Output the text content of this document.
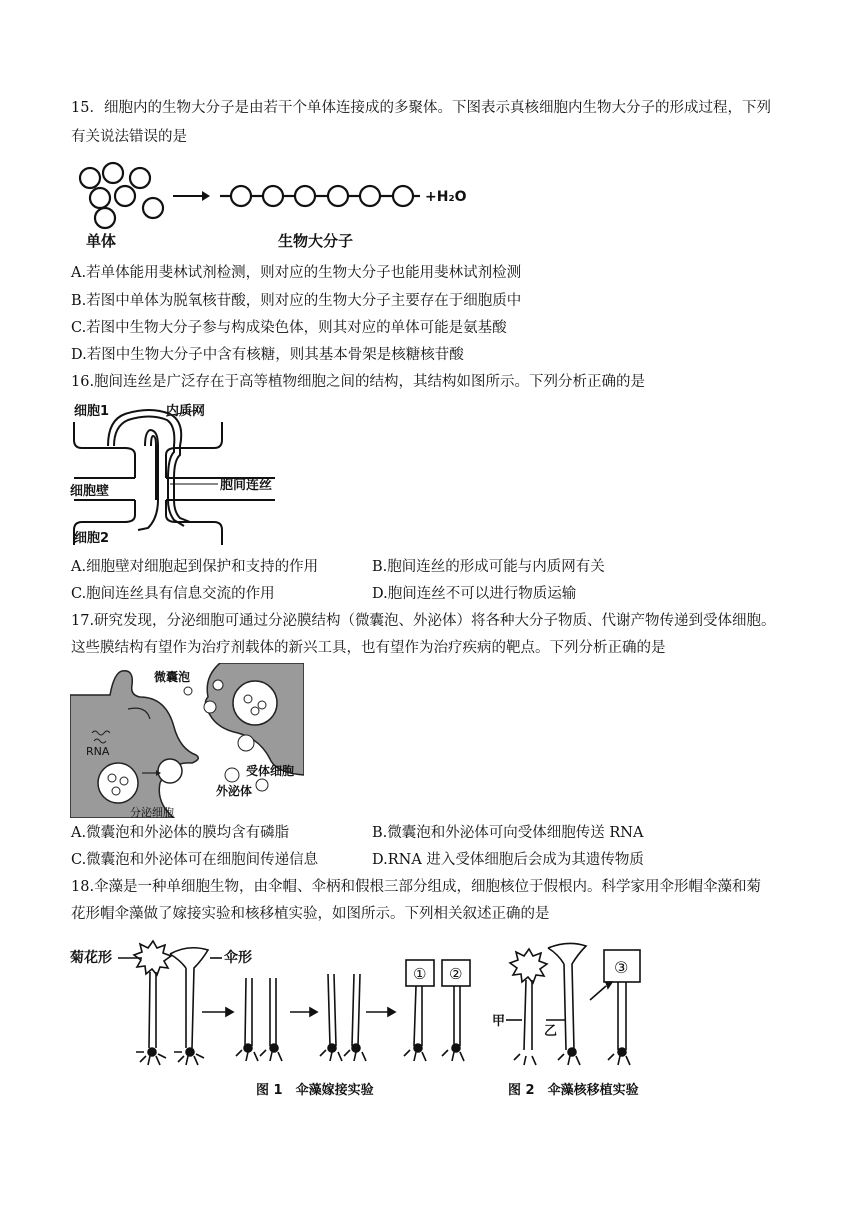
15．细胞内的生物大分子是由若干个单体连接成的多聚体。下图表示真核细胞内生物大分子的形成过程，下列
有关说法错误的是
+H₂O
单体	生物大分子
A.若单体能用斐林试剂检测，则对应的生物大分子也能用斐林试剂检测
B.若图中单体为脱氧核苷酸，则对应的生物大分子主要存在于细胞质中
C.若图中生物大分子参与构成染色体，则其对应的单体可能是氨基酸
D.若图中生物大分子中含有核糖，则其基本骨架是核糖核苷酸
16.胞间连丝是广泛存在于高等植物细胞之间的结构，其结构如图所示。下列分析正确的是
细胞1	内质网
细胞壁	胞间连丝
细胞2
A.细胞壁对细胞起到保护和支持的作用	B.胞间连丝的形成可能与内质网有关
C.胞间连丝具有信息交流的作用	D.胞间连丝不可以进行物质运输
17.研究发现，分泌细胞可通过分泌膜结构（微囊泡、外泌体）将各种大分子物质、代谢产物传递到受体细胞。
这些膜结构有望作为治疗剂载体的新兴工具，也有望作为治疗疾病的靶点。下列分析正确的是
微囊泡
RNA
受体细胞
外泌体
分泌细胞
A.微囊泡和外泌体的膜均含有磷脂	B.微囊泡和外泌体可向受体细胞传送 RNA
C.微囊泡和外泌体可在细胞间传递信息	D.RNA 进入受体细胞后会成为其遗传物质
18.伞藻是一种单细胞生物，由伞帽、伞柄和假根三部分组成，细胞核位于假根内。科学家用伞形帽伞藻和菊
花形帽伞藻做了嫁接实验和核移植实验，如图所示。下列相关叙述正确的是
菊花形	伞形
① ②	③
甲
乙
图 1　伞藻嫁接实验	图 2　伞藻核移植实验
